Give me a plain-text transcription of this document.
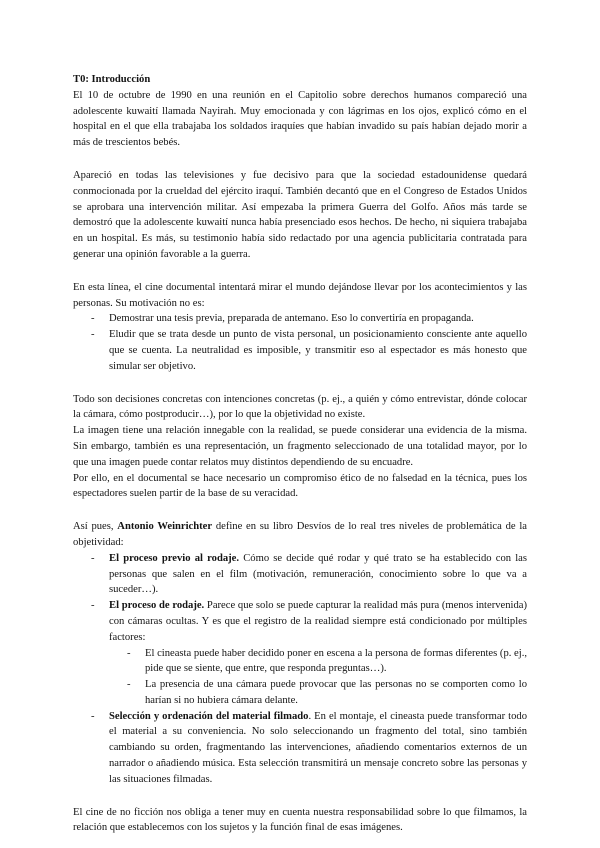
T0: Introducción

El 10 de octubre de 1990 en una reunión en el Capitolio sobre derechos humanos compareció una adolescente kuwaití llamada Nayirah. Muy emocionada y con lágrimas en los ojos, explicó cómo en el hospital en el que ella trabajaba los soldados iraquíes que habían invadido su país habían dejado morir a más de trescientos bebés.

Apareció en todas las televisiones y fue decisivo para que la sociedad estadounidense quedará conmocionada por la crueldad del ejército iraquí. También decantó que en el Congreso de Estados Unidos se aprobara una intervención militar. Así empezaba la primera Guerra del Golfo. Años más tarde se demostró que la adolescente kuwaití nunca había presenciado esos hechos. De hecho, ni siquiera trabajaba en un hospital. Es más, su testimonio había sido redactado por una agencia publicitaria contratada para generar una opinión favorable a la guerra.

En esta línea, el cine documental intentará mirar el mundo dejándose llevar por los acontecimientos y las personas. Su motivación no es:

- Demostrar una tesis previa, preparada de antemano. Eso lo convertiría en propaganda.
- Eludir que se trata desde un punto de vista personal, un posicionamiento consciente ante aquello que se cuenta. La neutralidad es imposible, y transmitir eso al espectador es más honesto que simular ser objetivo.

Todo son decisiones concretas con intenciones concretas (p. ej., a quién y cómo entrevistar, dónde colocar la cámara, cómo postproducir…), por lo que la objetividad no existe.

La imagen tiene una relación innegable con la realidad, se puede considerar una evidencia de la misma. Sin embargo, también es una representación, un fragmento seleccionado de una totalidad mayor, por lo que una imagen puede contar relatos muy distintos dependiendo de su encuadre.

Por ello, en el documental se hace necesario un compromiso ético de no falsedad en la técnica, pues los espectadores suelen partir de la base de su veracidad.

Así pues, Antonio Weinrichter define en su libro Desvíos de lo real tres niveles de problemática de la objetividad:

- El proceso previo al rodaje. Cómo se decide qué rodar y qué trato se ha establecido con las personas que salen en el film (motivación, remuneración, conocimiento sobre lo que va a suceder…).
- El proceso de rodaje. Parece que solo se puede capturar la realidad más pura (menos intervenida) con cámaras ocultas. Y es que el registro de la realidad siempre está condicionado por múltiples factores:
- El cineasta puede haber decidido poner en escena a la persona de formas diferentes (p. ej., pide que se siente, que entre, que responda preguntas…).
- La presencia de una cámara puede provocar que las personas no se comporten como lo harían si no hubiera cámara delante.
- Selección y ordenación del material filmado. En el montaje, el cineasta puede transformar todo el material a su conveniencia. No solo seleccionando un fragmento del total, sino también cambiando su orden, fragmentando las intervenciones, añadiendo comentarios externos de un narrador o añadiendo música. Esta selección transmitirá un mensaje concreto sobre las personas y las situaciones filmadas.

El cine de no ficción nos obliga a tener muy en cuenta nuestra responsabilidad sobre lo que filmamos, la relación que establecemos con los sujetos y la función final de esas imágenes.
